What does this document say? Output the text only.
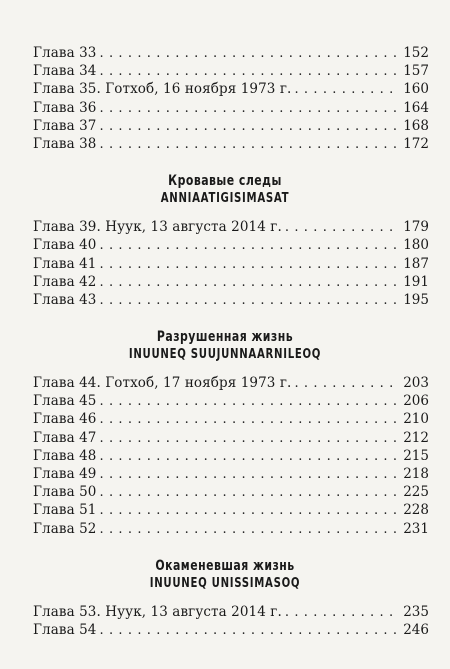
Глава 33 . . .	152
Глава 34 . . .	157
Глава 35. Готхоб, 16 ноября 1973 г. . . .	160
Глава 36 . . .	164
Глава 37 . . .	168
Глава 38 . . .	172
Кровавые следы
ANNIAATIGISIMASAT
Глава 39. Нуук, 13 августа 2014 г. . . .	179
Глава 40 . . .	180
Глава 41 . . .	187
Глава 42 . . .	191
Глава 43 . . .	195
Разрушенная жизнь
INUUNEQ SUUJUNNAARNILEOQ
Глава 44. Готхоб, 17 ноября 1973 г. . . .	203
Глава 45 . . .	206
Глава 46 . . .	210
Глава 47 . . .	212
Глава 48 . . .	215
Глава 49 . . .	218
Глава 50 . . .	225
Глава 51 . . .	228
Глава 52 . . .	231
Окаменевшая жизнь
INUUNEQ UNISSIMASOQ
Глава 53. Нуук, 13 августа 2014 г. . . .	235
Глава 54 . . .	246
